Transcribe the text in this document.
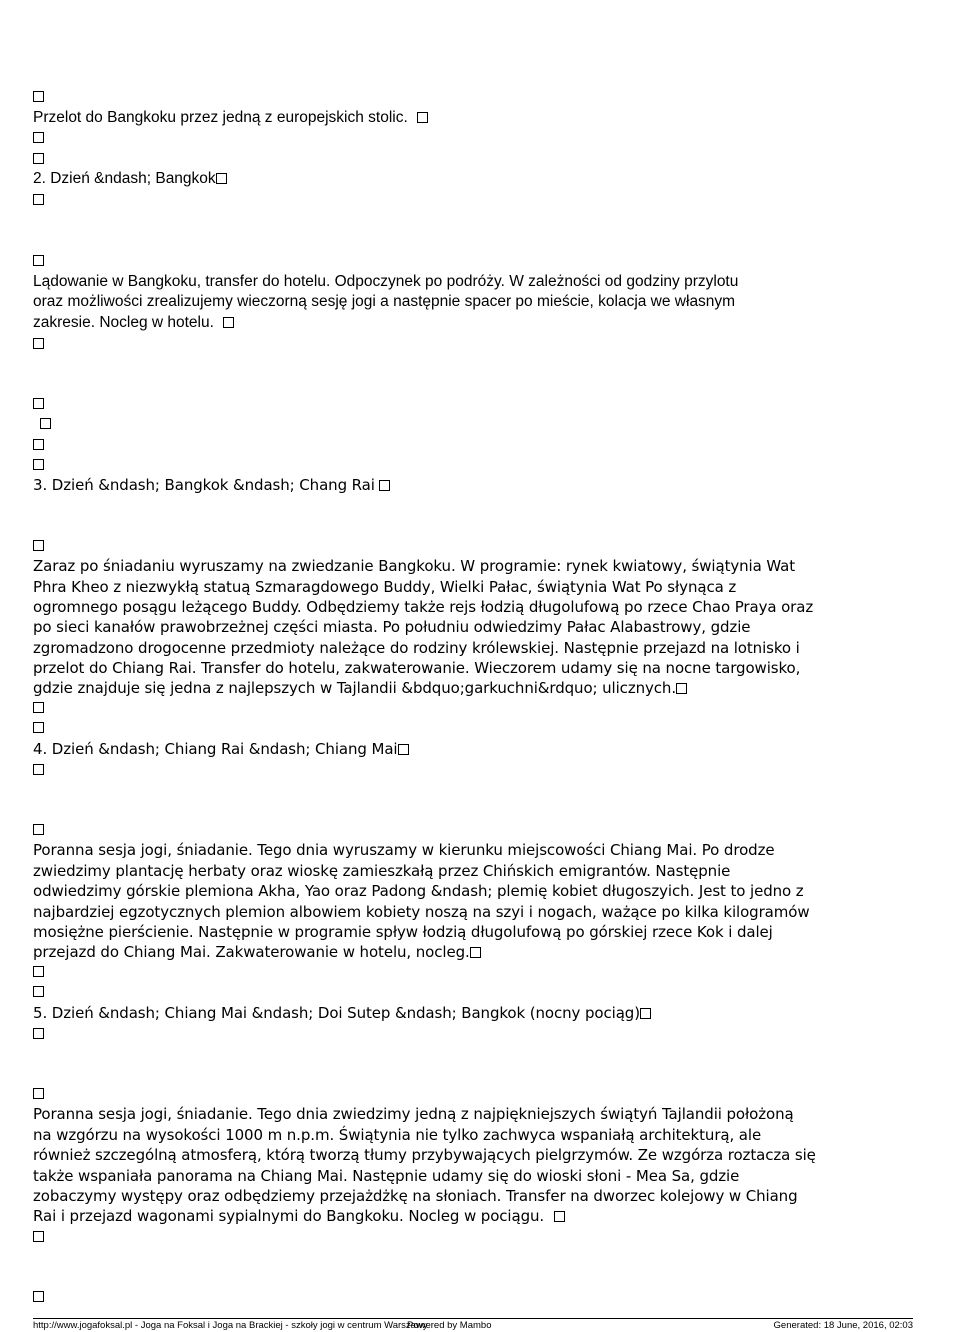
Przelot do Bangkoku przez jedną z europejskich stolic.
2. Dzień &ndash; Bangkok
Lądowanie w Bangkoku, transfer do hotelu. Odpoczynek po podróży. W zależności od godziny przylotu
oraz możliwości zrealizujemy wieczorną sesję jogi a następnie spacer po mieście, kolacja we własnym
zakresie. Nocleg w hotelu.
3. Dzień &ndash; Bangkok &ndash; Chang Rai
Zaraz po śniadaniu wyruszamy na zwiedzanie Bangkoku. W programie: rynek kwiatowy, świątynia Wat
Phra Kheo z niezwykłą statuą Szmaragdowego Buddy, Wielki Pałac, świątynia Wat Po słynąca z
ogromnego posągu leżącego Buddy. Odbędziemy także rejs łodzią długolufową po rzece Chao Praya oraz
po sieci kanałów prawobrzeżnej części miasta. Po południu odwiedzimy Pałac Alabastrowy, gdzie
zgromadzono drogocenne przedmioty należące do rodziny królewskiej. Następnie przejazd na lotnisko i
przelot do Chiang Rai. Transfer do hotelu, zakwaterowanie. Wieczorem udamy się na nocne targowisko,
gdzie znajduje się jedna z najlepszych w Tajlandii &bdquo;garkuchni&rdquo; ulicznych.
4. Dzień &ndash; Chiang Rai &ndash; Chiang Mai
Poranna sesja jogi, śniadanie. Tego dnia wyruszamy w kierunku miejscowości Chiang Mai. Po drodze
zwiedzimy plantację herbaty oraz wioskę zamieszkałą przez Chińskich emigrantów. Następnie
odwiedzimy górskie plemiona Akha, Yao oraz Padong &ndash; plemię kobiet długoszyich. Jest to jedno z
najbardziej egzotycznych plemion albowiem kobiety noszą na szyi i nogach, ważące po kilka kilogramów
mosiężne pierścienie. Następnie w programie spływ łodzią długolufową po górskiej rzece Kok i dalej
przejazd do Chiang Mai. Zakwaterowanie w hotelu, nocleg.
5. Dzień &ndash; Chiang Mai &ndash; Doi Sutep &ndash; Bangkok (nocny pociąg)
Poranna sesja jogi, śniadanie. Tego dnia zwiedzimy jedną z najpiękniejszych świątyń Tajlandii położoną
na wzgórzu na wysokości 1000 m n.p.m. Świątynia nie tylko zachwyca wspaniałą architekturą, ale
również szczególną atmosferą, którą tworzą tłumy przybywających pielgrzymów. Ze wzgórza roztacza się
także wspaniała panorama na Chiang Mai. Następnie udamy się do wioski słoni - Mea Sa, gdzie
zobaczymy występy oraz odbędziemy przejażdżkę na słoniach. Transfer na dworzec kolejowy w Chiang
Rai i przejazd wagonami sypialnymi do Bangkoku. Nocleg w pociągu.
http://www.jogafoksal.pl - Joga na Foksal i Joga na Brackiej - szkoły jogi w centrum Warszawy
Powered by Mambo	Generated: 18 June, 2016, 02:03
